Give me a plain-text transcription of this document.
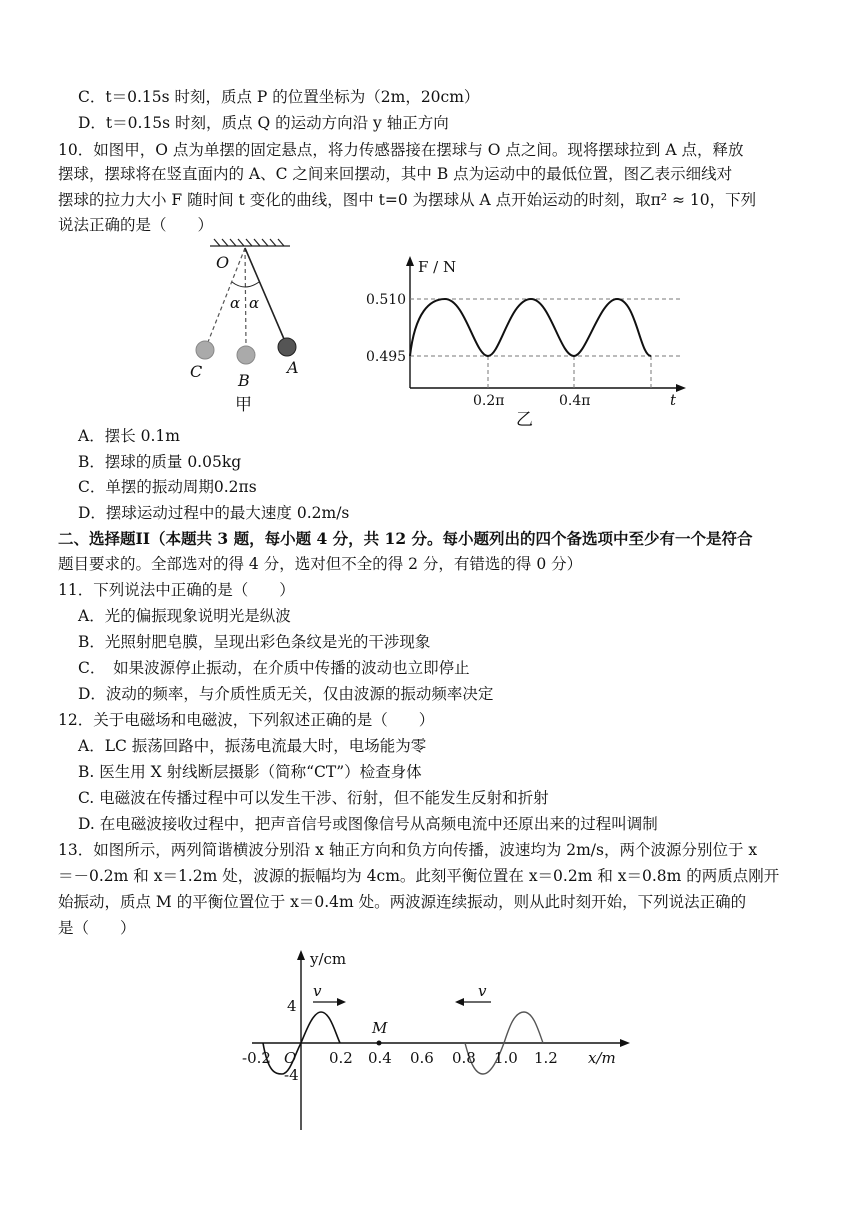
C．t＝0.15s 时刻，质点 P 的位置坐标为（2m，20cm）
D．t＝0.15s 时刻，质点 Q 的运动方向沿 y 轴正方向
10．如图甲，O 点为单摆的固定悬点，将力传感器接在摆球与 O 点之间。现将摆球拉到 A 点，释放
摆球，摆球将在竖直面内的 A、C 之间来回摆动，其中 B 点为运动中的最低位置，图乙表示细线对
摆球的拉力大小 F 随时间 t 变化的曲线，图中 t=0 为摆球从 A 点开始运动的时刻，取π² ≈ 10，下列
说法正确的是（　　）
O
α α
C B
A
甲
F / N
0.510
0.495
0.2π	0.4π	t
乙
A．摆长 0.1m
B．摆球的质量 0.05kg
C．单摆的振动周期0.2πs
D．摆球运动过程中的最大速度 0.2m/s
二、选择题II（本题共 3 题，每小题 4 分，共 12 分。每小题列出的四个备选项中至少有一个是符合
题目要求的。全部选对的得 4 分，选对但不全的得 2 分，有错选的得 0 分）
11．下列说法中正确的是（　　）
A．光的偏振现象说明光是纵波
B．光照射肥皂膜，呈现出彩色条纹是光的干涉现象
C．　如果波源停止振动，在介质中传播的波动也立即停止
D．波动的频率，与介质性质无关，仅由波源的振动频率决定
12．关于电磁场和电磁波，下列叙述正确的是（　　）
A．LC 振荡回路中，振荡电流最大时，电场能为零
B. 医生用 X 射线断层摄影（简称“CT”）检查身体
C. 电磁波在传播过程中可以发生干涉、衍射，但不能发生反射和折射
D. 在电磁波接收过程中，把声音信号或图像信号从高频电流中还原出来的过程叫调制
13．如图所示，两列简谐横波分别沿 x 轴正方向和负方向传播，波速均为 2m/s，两个波源分别位于 x
＝－0.2m 和 x＝1.2m 处，波源的振幅均为 4cm。此刻平衡位置在 x＝0.2m 和 x＝0.8m 的两质点刚开
始振动，质点 M 的平衡位置位于 x＝0.4m 处。两波源连续振动，则从此时刻开始，下列说法正确的
是（　　）
y/cm
4
-4
v	v
M
O
-0.2	0.2 0.4 0.6 0.8 1.0 1.2 x/m
